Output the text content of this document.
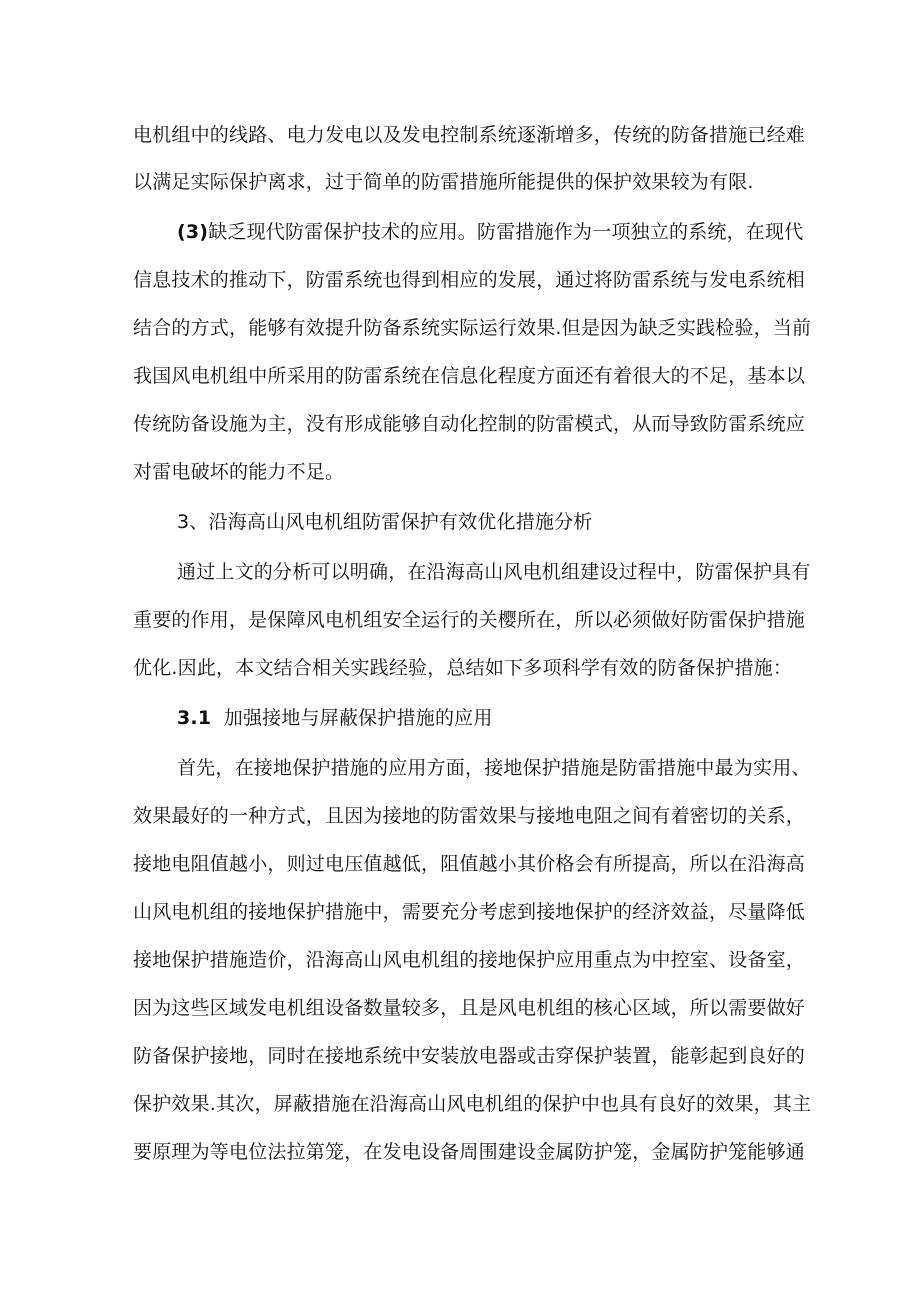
电机组中的线路、电力发电以及发电控制系统逐渐增多，传统的防备措施已经难
以满足实际保护离求，过于简单的防雷措施所能提供的保护效果较为有限.
(3)缺乏现代防雷保护技术的应用。防雷措施作为一项独立的系统，在现代
信息技术的推动下，防雷系统也得到相应的发展，通过将防雷系统与发电系统相
结合的方式，能够有效提升防备系统实际运行效果.但是因为缺乏实践检验，当前
我国风电机组中所采用的防雷系统在信息化程度方面还有着很大的不足，基本以
传统防备设施为主，没有形成能够自动化控制的防雷模式，从而导致防雷系统应
对雷电破坏的能力不足。
3、沿海高山风电机组防雷保护有效优化措施分析
通过上文的分析可以明确，在沿海高山风电机组建设过程中，防雷保护具有
重要的作用，是保障风电机组安全运行的关樱所在，所以必须做好防雷保护措施
优化.因此，本文结合相关实践经验，总结如下多项科学有效的防备保护措施：
3.1 加强接地与屏蔽保护措施的应用
首先，在接地保护措施的应用方面，接地保护措施是防雷措施中最为实用、
效果最好的一种方式，且因为接地的防雷效果与接地电阻之间有着密切的关系，
接地电阻值越小，则过电压值越低，阻值越小其价格会有所提高，所以在沿海高
山风电机组的接地保护措施中，需要充分考虑到接地保护的经济效益，尽量降低
接地保护措施造价，沿海高山风电机组的接地保护应用重点为中控室、设备室，
因为这些区域发电机组设备数量较多，且是风电机组的核心区域，所以需要做好
防备保护接地，同时在接地系统中安装放电器或击穿保护装置，能彰起到良好的
保护效果.其次，屏蔽措施在沿海高山风电机组的保护中也具有良好的效果，其主
要原理为等电位法拉第笼，在发电设备周围建设金属防护笼，金属防护笼能够通
